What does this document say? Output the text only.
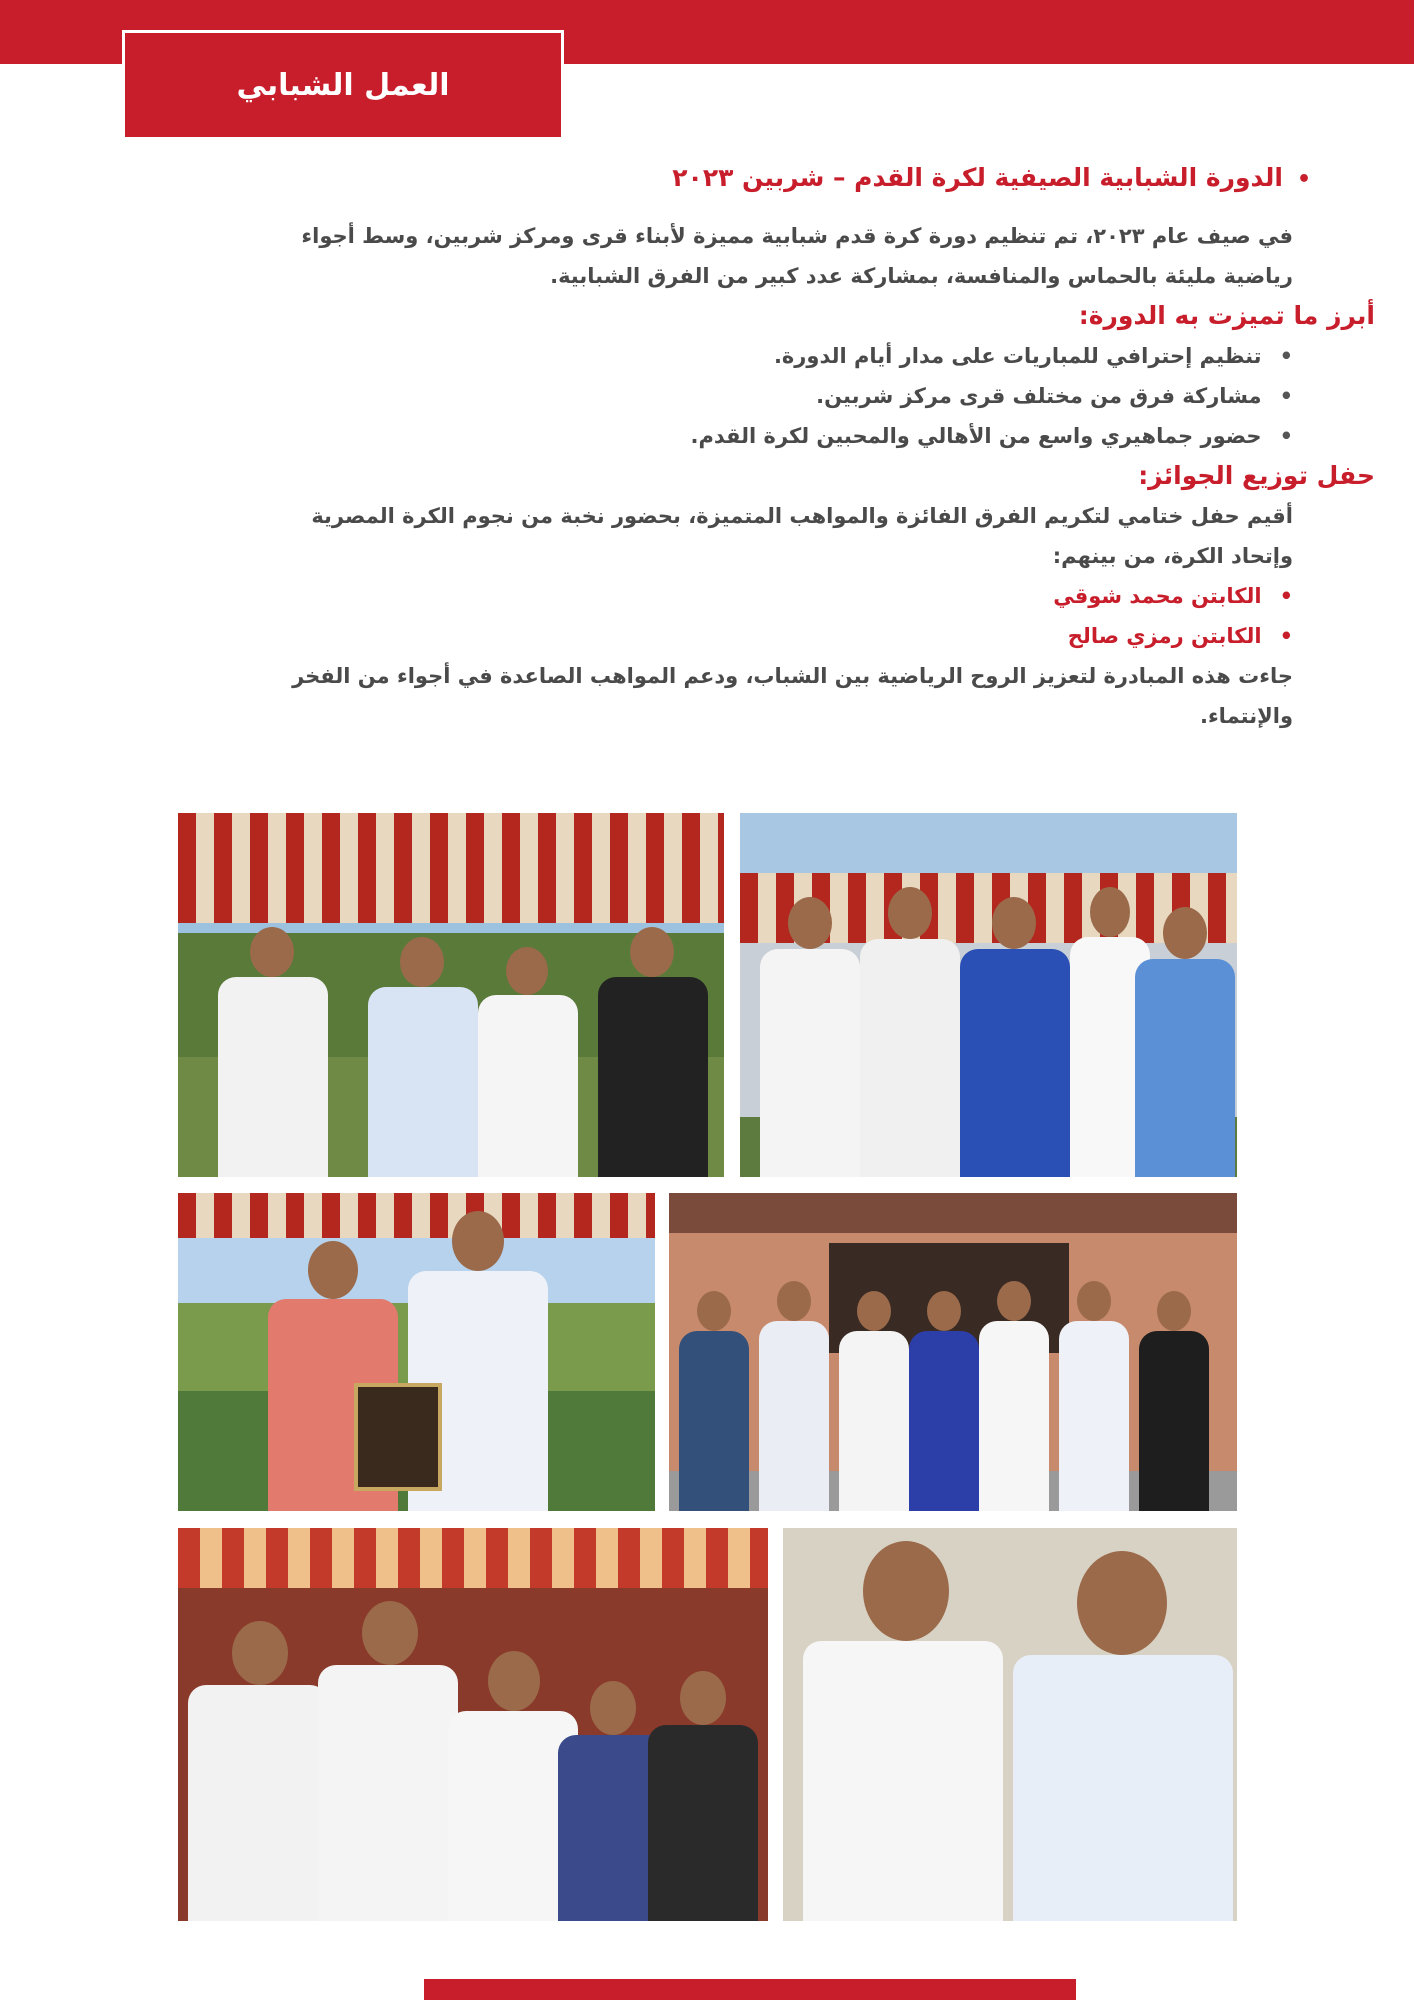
العمل الشبابي

• الدورة الشبابية الصيفية لكرة القدم – شربين ٢٠٢٣

في صيف عام ٢٠٢٣، تم تنظيم دورة كرة قدم شبابية مميزة لأبناء قرى ومركز شربين، وسط أجواء

رياضية مليئة بالحماس والمنافسة، بمشاركة عدد كبير من الفرق الشبابية.

أبرز ما تميزت به الدورة:

• تنظيم إحترافي للمباريات على مدار أيام الدورة.
• مشاركة فرق من مختلف قرى مركز شربين.
• حضور جماهيري واسع من الأهالي والمحبين لكرة القدم.

حفل توزيع الجوائز:

أقيم حفل ختامي لتكريم الفرق الفائزة والمواهب المتميزة، بحضور نخبة من نجوم الكرة المصرية

وإتحاد الكرة، من بينهم:

• الكابتن محمد شوقي
• الكابتن رمزي صالح

جاءت هذه المبادرة لتعزيز الروح الرياضية بين الشباب، ودعم المواهب الصاعدة في أجواء من الفخر

والإنتماء.
